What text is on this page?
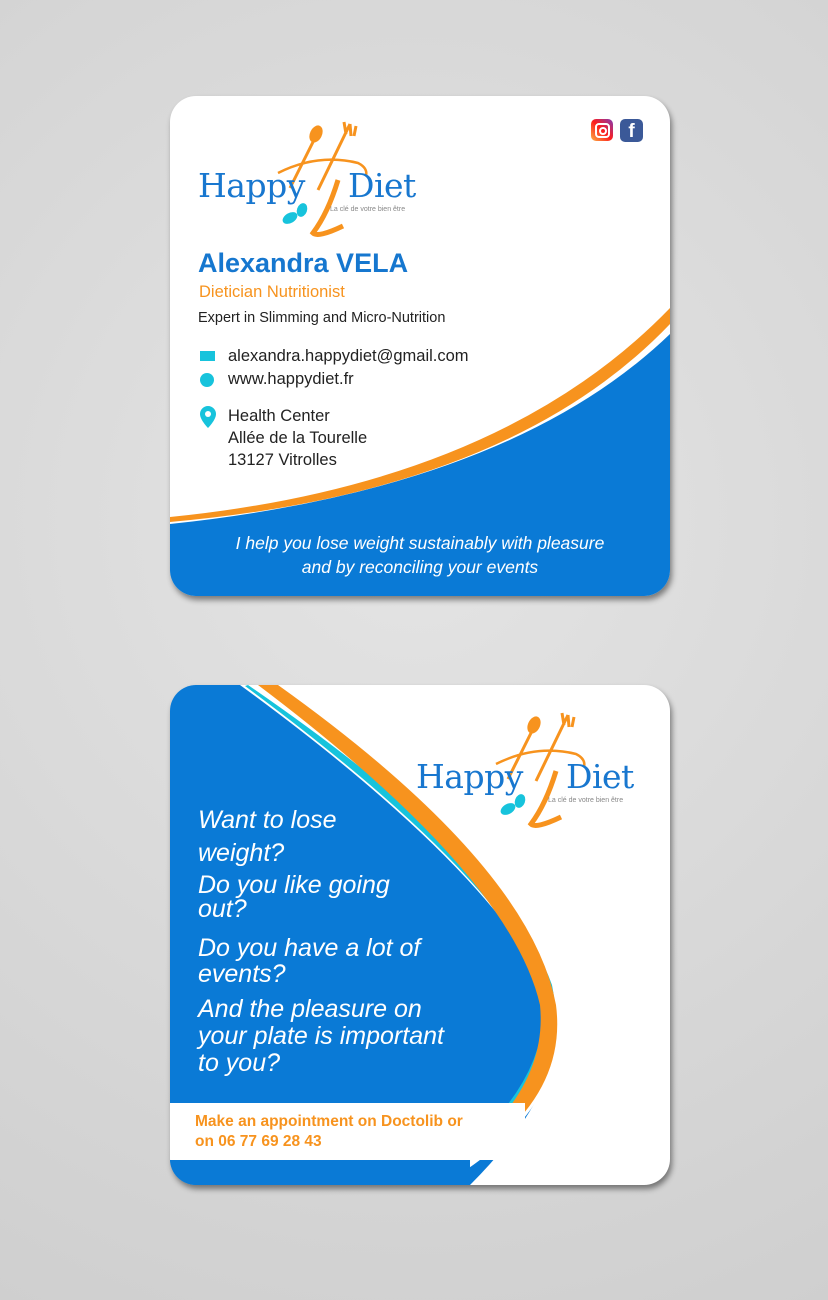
Happy Diet
La clé de votre bien être
f
Alexandra VELA
Dietician Nutritionist
Expert in Slimming and Micro-Nutrition
alexandra.happydiet@gmail.com
www.happydiet.fr
Health Center
Allée de la Tourelle
13127 Vitrolles
I help you lose weight sustainably with pleasure
and by reconciling your events
Happy Diet
La clé de votre bien être
Want to lose
weight?
Do you like going
out?
Do you have a lot of
events?
And the pleasure on
your plate is important
to you?
Make an appointment on Doctolib or
on 06 77 69 28 43
